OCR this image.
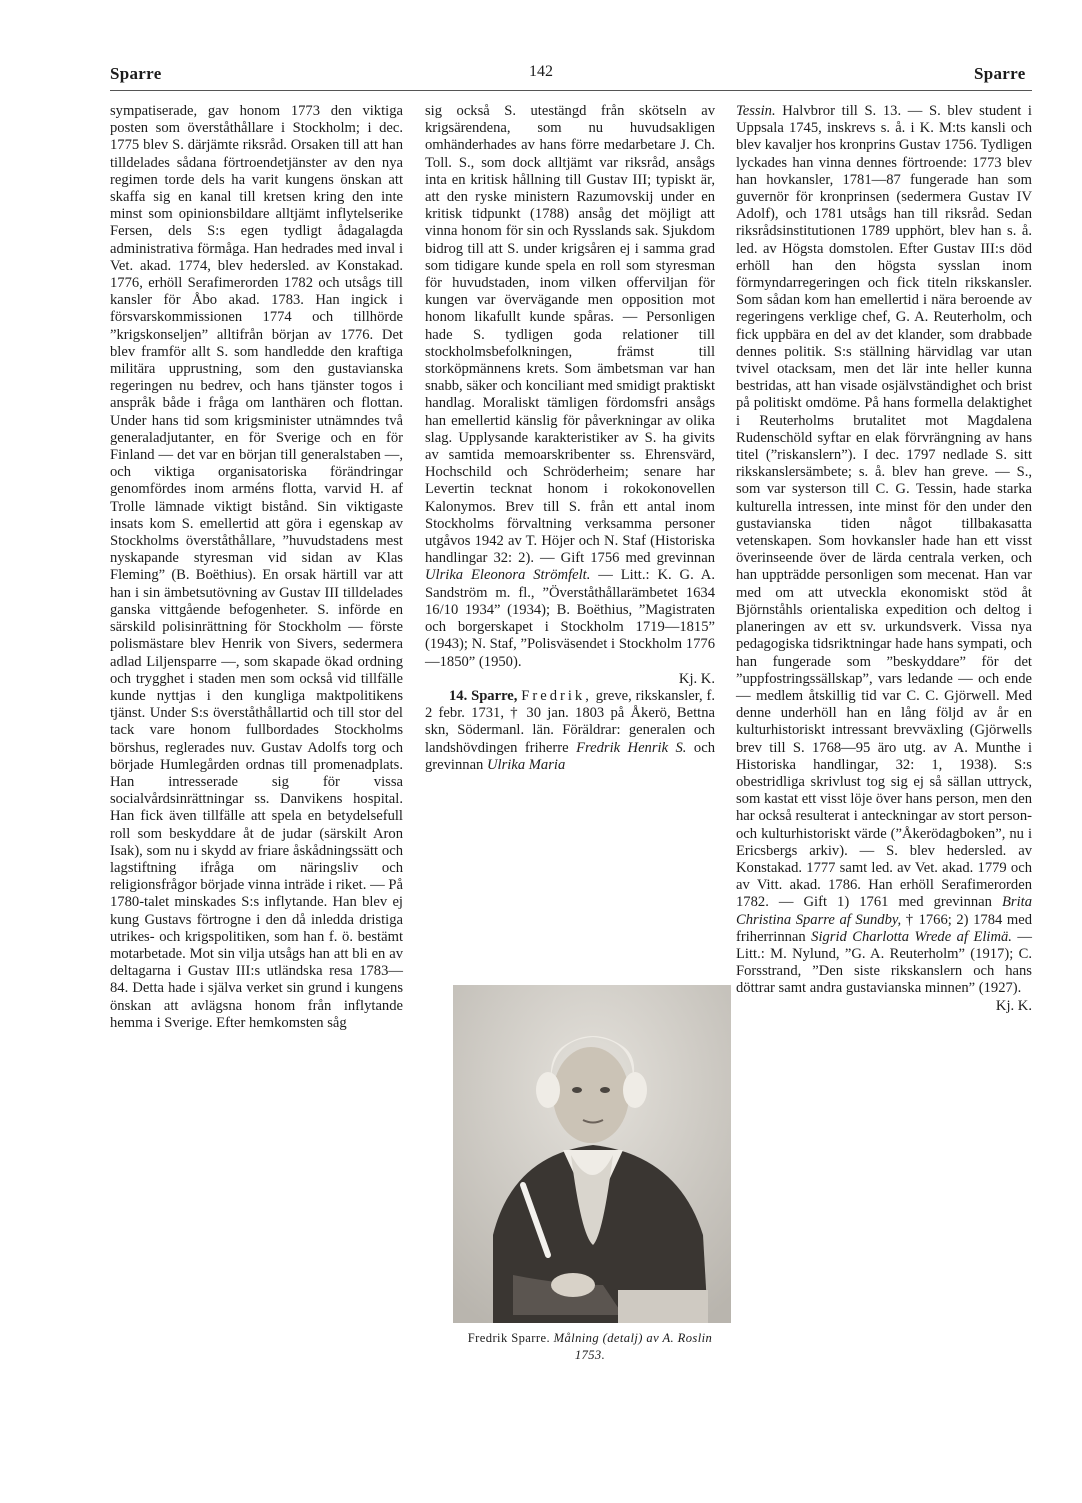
Sparre	142	Sparre

sympatiserade, gav honom 1773 den viktiga posten som överståthållare i Stockholm; i dec. 1775 blev S. därjämte riksråd. Orsaken till att han tilldelades sådana förtroendetjänster av den nya regimen torde dels ha varit kungens önskan att skaffa sig en kanal till kretsen kring den inte minst som opinionsbildare alltjämt inflytelserike Fersen, dels S:s egen tydligt ådagalagda administrativa förmåga. Han hedrades med inval i Vet. akad. 1774, blev hedersled. av Konstakad. 1776, erhöll Serafimerorden 1782 och utsågs till kansler för Åbo akad. 1783. Han ingick i försvarskommissionen 1774 och tillhörde ”krigskonseljen” alltifrån början av 1776. Det blev framför allt S. som handledde den kraftiga militära upprustning, som den gustavianska regeringen nu bedrev, och hans tjänster togos i anspråk både i fråga om lanthären och flottan. Under hans tid som krigsminister utnämndes två generaladjutanter, en för Sverige och en för Finland — det var en början till generalstaben —, och viktiga organisatoriska förändringar genomfördes inom arméns flotta, varvid H. af Trolle lämnade viktigt bistånd. Sin viktigaste insats kom S. emellertid att göra i egenskap av Stockholms överståthållare, ”huvudstadens mest nyskapande styresman vid sidan av Klas Fleming” (B. Boëthius). En orsak härtill var att han i sin ämbetsutövning av Gustav III tilldelades ganska vittgående befogenheter. S. införde en särskild polisinrättning för Stockholm — förste polismästare blev Henrik von Sivers, sedermera adlad Liljensparre —, som skapade ökad ordning och trygghet i staden men som också vid tillfälle kunde nyttjas i den kungliga maktpolitikens tjänst. Under S:s överståthållartid och till stor del tack vare honom fullbordades Stockholms börshus, reglerades nuv. Gustav Adolfs torg och började Humlegården ordnas till promenadplats. Han intresserade sig för vissa socialvårdsinrättningar ss. Danvikens hospital. Han fick även tillfälle att spela en betydelsefull roll som beskyddare åt de judar (särskilt Aron Isak), som nu i skydd av friare åskådningssätt och lagstiftning ifråga om näringsliv och religionsfrågor började vinna inträde i riket. — På 1780-talet minskades S:s inflytande. Han blev ej kung Gustavs förtrogne i den då inledda dristiga utrikes- och krigspolitiken, som han f. ö. bestämt motarbetade. Mot sin vilja utsågs han att bli en av deltagarna i Gustav III:s utländska resa 1783—84. Detta hade i själva verket sin grund i kungens önskan att avlägsna honom från inflytande hemma i Sverige. Efter hemkomsten såg

sig också S. utestängd från skötseln av krigsärendena, som nu huvudsakligen omhänderhades av hans förre medarbetare J. Ch. Toll. S., som dock alltjämt var riksråd, ansågs inta en kritisk hållning till Gustav III; typiskt är, att den ryske ministern Razumovskij under en kritisk tidpunkt (1788) ansåg det möjligt att vinna honom för sin och Rysslands sak. Sjukdom bidrog till att S. under krigsåren ej i samma grad som tidigare kunde spela en roll som styresman för huvudstaden, inom vilken offerviljan för kungen var övervägande men opposition mot honom likafullt kunde spåras. — Personligen hade S. tydligen goda relationer till stockholmsbefolkningen, främst till storköpmännens krets. Som ämbetsman var han snabb, säker och konciliant med smidigt praktiskt handlag. Moraliskt tämligen fördomsfri ansågs han emellertid känslig för påverkningar av olika slag. Upplysande karakteristiker av S. ha givits av samtida memoarskribenter ss. Ehrensvärd, Hochschild och Schröderheim; senare har Levertin tecknat honom i rokokonovellen Kalonymos. Brev till S. från ett antal inom Stockholms förvaltning verksamma personer utgåvos 1942 av T. Höjer och N. Staf (Historiska handlingar 32: 2). — Gift 1756 med grevinnan Ulrika Eleonora Strömfelt. — Litt.: K. G. A. Sandström m. fl., ”Överståthållarämbetet 1634 16/10 1934” (1934); B. Boëthius, ”Magistraten och borgerskapet i Stockholm 1719—1815” (1943); N. Staf, ”Polisväsendet i Stockholm 1776—1850” (1950).

Kj. K.

14. Sparre, Fredrik, greve, rikskansler, f. 2 febr. 1731, † 30 jan. 1803 på Åkerö, Bettna skn, Södermanl. län. Föräldrar: generalen och landshövdingen friherre Fredrik Henrik S. och grevinnan Ulrika Maria

Fredrik Sparre. Målning (detalj) av A. Roslin 1753.

Tessin. Halvbror till S. 13. — S. blev student i Uppsala 1745, inskrevs s. å. i K. M:ts kansli och blev kavaljer hos kronprins Gustav 1756. Tydligen lyckades han vinna dennes förtroende: 1773 blev han hovkansler, 1781—87 fungerade han som guvernör för kronprinsen (sedermera Gustav IV Adolf), och 1781 utsågs han till riksråd. Sedan riksrådsinstitutionen 1789 upphört, blev han s. å. led. av Högsta domstolen. Efter Gustav III:s död erhöll han den högsta sysslan inom förmyndarregeringen och fick titeln rikskansler. Som sådan kom han emellertid i nära beroende av regeringens verklige chef, G. A. Reuterholm, och fick uppbära en del av det klander, som drabbade dennes politik. S:s ställning härvidlag var utan tvivel otacksam, men det lär inte heller kunna bestridas, att han visade osjälvständighet och brist på politiskt omdöme. På hans formella delaktighet i Reuterholms brutalitet mot Magdalena Rudenschöld syftar en elak förvrängning av hans titel (”riskanslern”). I dec. 1797 nedlade S. sitt rikskanslersämbete; s. å. blev han greve. — S., som var systerson till C. G. Tessin, hade starka kulturella intressen, inte minst för den under den gustavianska tiden något tillbakasatta vetenskapen. Som hovkansler hade han ett visst överinseende över de lärda centrala verken, och han uppträdde personligen som mecenat. Han var med om att utveckla ekonomiskt stöd åt Björnståhls orientaliska expedition och deltog i planeringen av ett sv. urkundsverk. Vissa nya pedagogiska tidsriktningar hade hans sympati, och han fungerade som ”beskyddare” för det ”uppfostringssällskap”, vars ledande — och ende — medlem åtskillig tid var C. C. Gjörwell. Med denne underhöll han en lång följd av år en kulturhistoriskt intressant brevväxling (Gjörwells brev till S. 1768—95 äro utg. av A. Munthe i Historiska handlingar, 32: 1, 1938). S:s obestridliga skrivlust tog sig ej så sällan uttryck, som kastat ett visst löje över hans person, men den har också resulterat i anteckningar av stort person- och kulturhistoriskt värde (”Åkerödagboken”, nu i Ericsbergs arkiv). — S. blev hedersled. av Konstakad. 1777 samt led. av Vet. akad. 1779 och av Vitt. akad. 1786. Han erhöll Serafimerorden 1782. — Gift 1) 1761 med grevinnan Brita Christina Sparre af Sundby, † 1766; 2) 1784 med friherrinnan Sigrid Charlotta Wrede af Elimä. — Litt.: M. Nylund, ”G. A. Reuterholm” (1917); C. Forsstrand, ”Den siste rikskanslern och hans döttrar samt andra gustavianska minnen” (1927).

Kj. K.
